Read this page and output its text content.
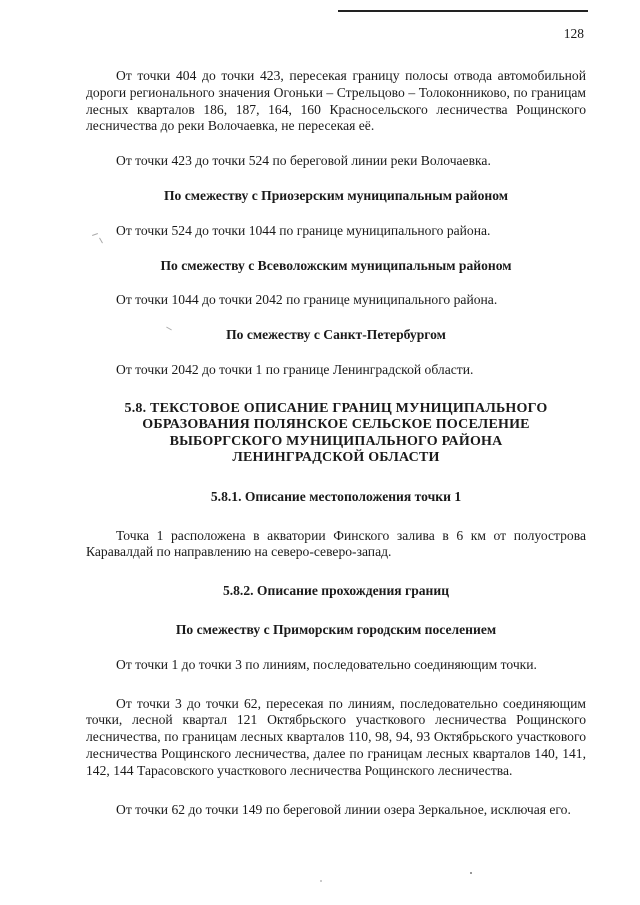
128

От точки 404 до точки 423, пересекая границу полосы отвода автомобильной дороги регионального значения Огоньки – Стрельцово – Толоконниково, по границам лесных кварталов 186, 187, 164, 160 Красносельского лесничества Рощинского лесничества до реки Волочаевка, не пересекая её.

От точки 423 до точки 524 по береговой линии реки Волочаевка.

По смежеству с Приозерским муниципальным районом

От точки 524 до точки 1044 по границе муниципального района.

По смежеству с Всеволожским муниципальным районом

От точки 1044 до точки 2042 по границе муниципального района.

По смежеству с Санкт-Петербургом

От точки 2042 до точки 1 по границе Ленинградской области.

5.8. ТЕКСТОВОЕ ОПИСАНИЕ ГРАНИЦ МУНИЦИПАЛЬНОГО

ОБРАЗОВАНИЯ ПОЛЯНСКОЕ СЕЛЬСКОЕ ПОСЕЛЕНИЕ

ВЫБОРГСКОГО МУНИЦИПАЛЬНОГО РАЙОНА

ЛЕНИНГРАДСКОЙ ОБЛАСТИ

5.8.1. Описание местоположения точки 1

Точка 1 расположена в акватории Финского залива в 6 км от полуострова Каравалдай по направлению на северо-северо-запад.

5.8.2. Описание прохождения границ

По смежеству с Приморским городским поселением

От точки 1 до точки 3 по линиям, последовательно соединяющим точки.

От точки 3 до точки 62, пересекая по линиям, последовательно соединяющим точки, лесной квартал 121 Октябрьского участкового лесничества Рощинского лесничества, по границам лесных кварталов 110, 98, 94, 93 Октябрьского участкового лесничества Рощинского лесничества, далее по границам лесных кварталов 140, 141, 142, 144 Тарасовского участкового лесничества Рощинского лесничества.

От точки 62 до точки 149 по береговой линии озера Зеркальное, исключая его.
